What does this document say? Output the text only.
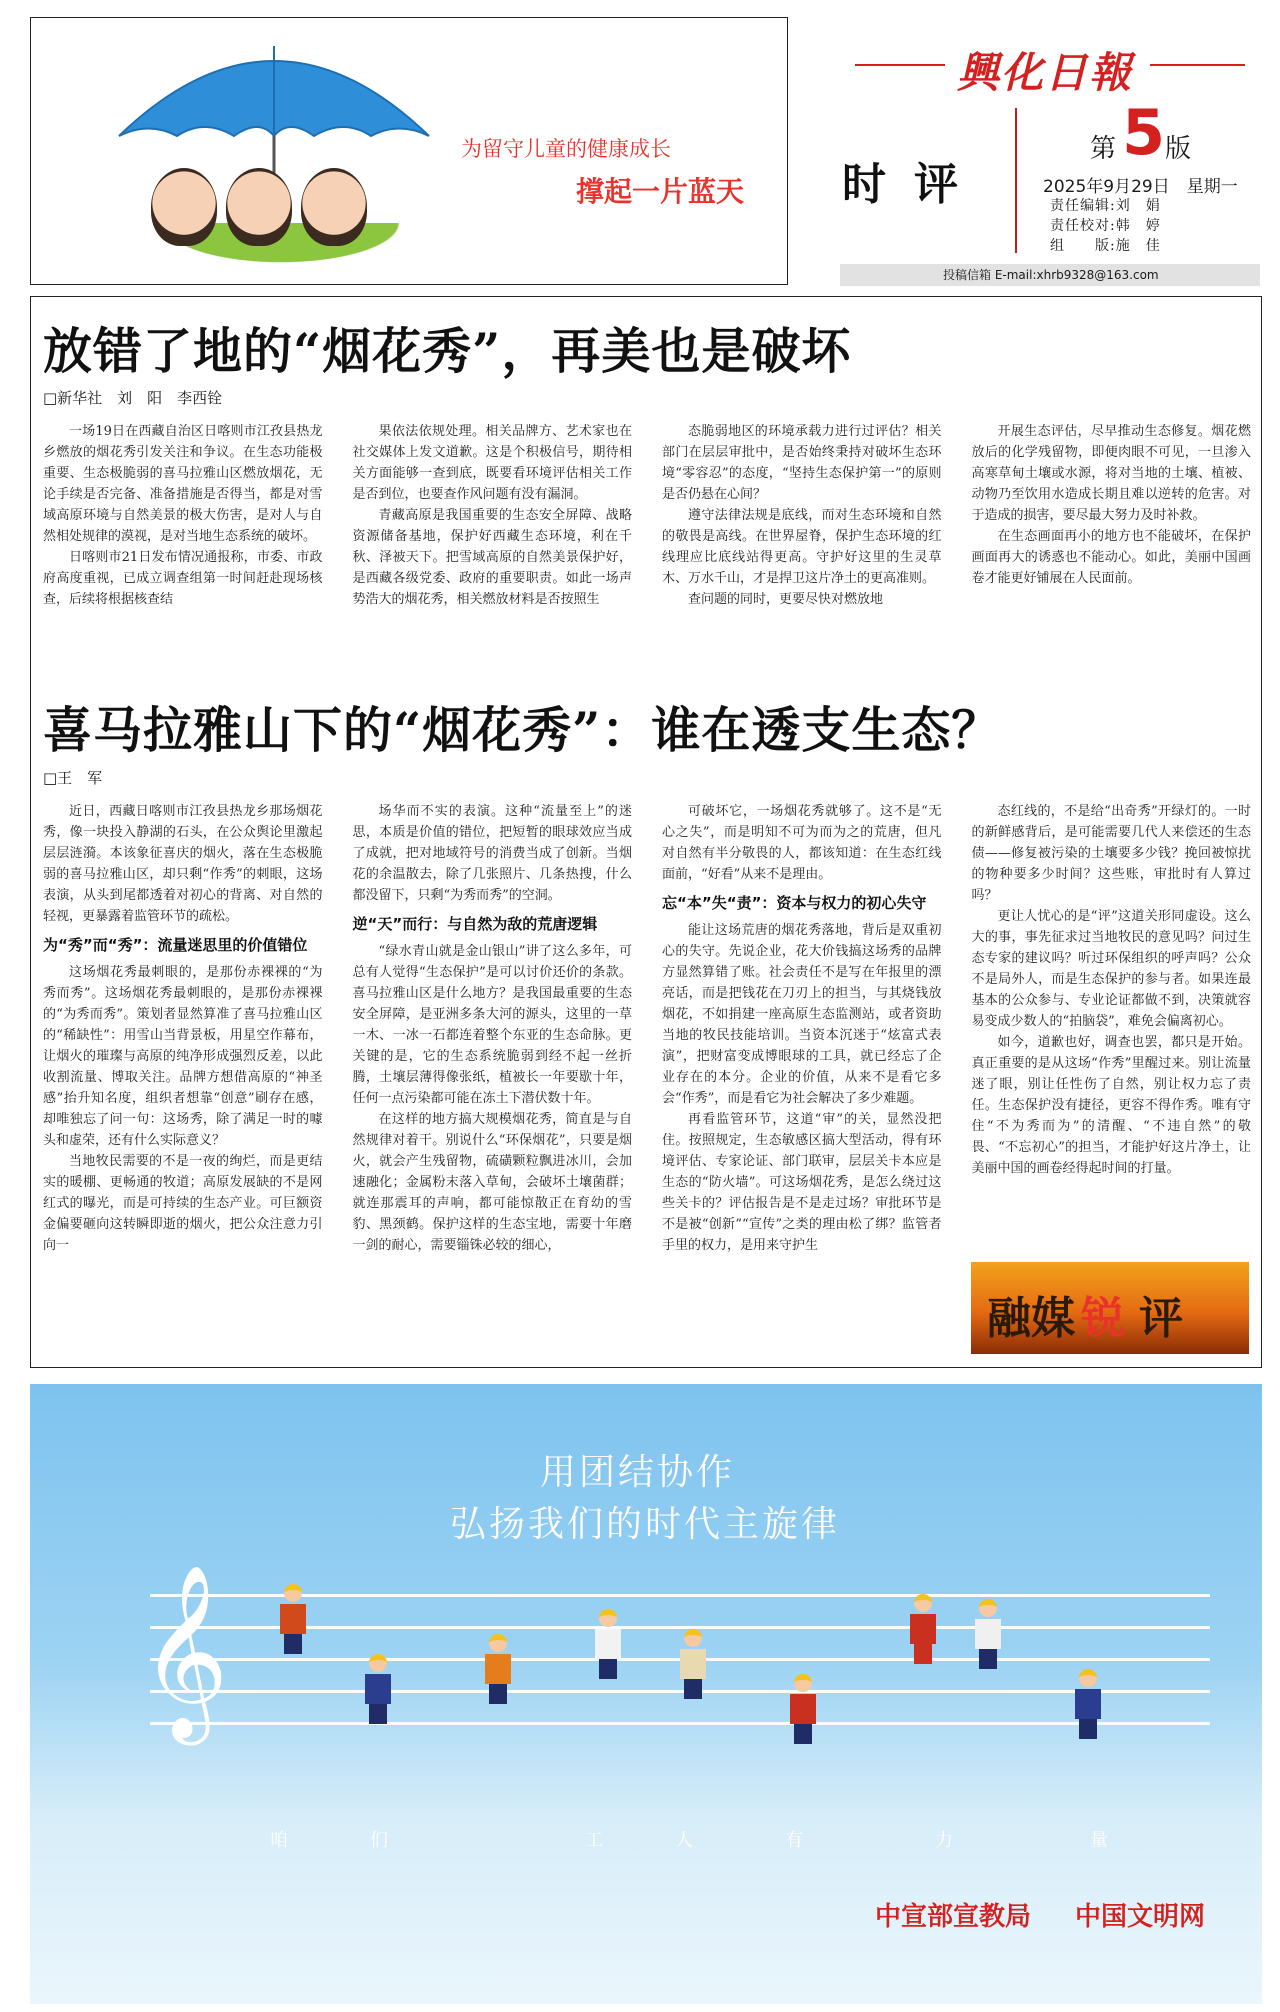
为留守儿童的健康成长
撑起一片蓝天
興化日報
时评
第 5 版
2025年9月29日　星期一
责任编辑:刘　娟
责任校对:韩　婷
组　　版:施　佳
投稿信箱 E-mail:xhrb9328@163.com
放错了地的“烟花秀”，再美也是破坏
□新华社　刘　阳　李西铨

一场19日在西藏自治区日喀则市江孜县热龙乡燃放的烟花秀引发关注和争议。在生态功能极重要、生态极脆弱的喜马拉雅山区燃放烟花，无论手续是否完备、准备措施是否得当，都是对雪域高原环境与自然美景的极大伤害，是对人与自然相处规律的漠视，是对当地生态系统的破坏。

日喀则市21日发布情况通报称，市委、市政府高度重视，已成立调查组第一时间赶赴现场核查，后续将根据核查结

果依法依规处理。相关品牌方、艺术家也在社交媒体上发文道歉。这是个积极信号，期待相关方面能够一查到底，既要看环境评估相关工作是否到位，也要查作风问题有没有漏洞。

青藏高原是我国重要的生态安全屏障、战略资源储备基地，保护好西藏生态环境，利在千秋、泽被天下。把雪域高原的自然美景保护好，是西藏各级党委、政府的重要职责。如此一场声势浩大的烟花秀，相关燃放材料是否按照生

态脆弱地区的环境承载力进行过评估？相关部门在层层审批中，是否始终秉持对破坏生态环境“零容忍”的态度，“坚持生态保护第一”的原则是否仍悬在心间？

遵守法律法规是底线，而对生态环境和自然的敬畏是高线。在世界屋脊，保护生态环境的红线理应比底线站得更高。守护好这里的生灵草木、万水千山，才是捍卫这片净土的更高准则。

查问题的同时，更要尽快对燃放地

开展生态评估，尽早推动生态修复。烟花燃放后的化学残留物，即便肉眼不可见，一旦渗入高寒草甸土壤或水源，将对当地的土壤、植被、动物乃至饮用水造成长期且难以逆转的危害。对于造成的损害，要尽最大努力及时补救。

在生态画面再小的地方也不能破坏，在保护画面再大的诱惑也不能动心。如此，美丽中国画卷才能更好铺展在人民面前。

喜马拉雅山下的“烟花秀”：谁在透支生态？
□王　军

近日，西藏日喀则市江孜县热龙乡那场烟花秀，像一块投入静湖的石头，在公众舆论里激起层层涟漪。本该象征喜庆的烟火，落在生态极脆弱的喜马拉雅山区，却只剩“作秀”的刺眼，这场表演，从头到尾都透着对初心的背离、对自然的轻视，更暴露着监管环节的疏松。

为“秀”而“秀”：流量迷思里的价值错位

这场烟花秀最刺眼的，是那份赤裸裸的“为秀而秀”。这场烟花秀最刺眼的，是那份赤裸裸的“为秀而秀”。策划者显然算准了喜马拉雅山区的“稀缺性”：用雪山当背景板，用星空作幕布，让烟火的璀璨与高原的纯净形成强烈反差，以此收割流量、博取关注。品牌方想借高原的“神圣感”抬升知名度，组织者想靠“创意”刷存在感，却唯独忘了问一句：这场秀，除了满足一时的噱头和虚荣，还有什么实际意义？

当地牧民需要的不是一夜的绚烂，而是更结实的暖棚、更畅通的牧道；高原发展缺的不是网红式的曝光，而是可持续的生态产业。可巨额资金偏要砸向这转瞬即逝的烟火，把公众注意力引向一

场华而不实的表演。这种“流量至上”的迷思，本质是价值的错位，把短暂的眼球效应当成了成就，把对地域符号的消费当成了创新。当烟花的余温散去，除了几张照片、几条热搜，什么都没留下，只剩“为秀而秀”的空洞。

逆“天”而行：与自然为敌的荒唐逻辑

“绿水青山就是金山银山”讲了这么多年，可总有人觉得“生态保护”是可以讨价还价的条款。喜马拉雅山区是什么地方？是我国最重要的生态安全屏障，是亚洲多条大河的源头，这里的一草一木、一冰一石都连着整个东亚的生态命脉。更关键的是，它的生态系统脆弱到经不起一丝折腾，土壤层薄得像张纸，植被长一年要歇十年，任何一点污染都可能在冻土下潜伏数十年。

在这样的地方搞大规模烟花秀，简直是与自然规律对着干。别说什么“环保烟花”，只要是烟火，就会产生残留物，硫磺颗粒飘进冰川，会加速融化；金属粉末落入草甸，会破坏土壤菌群；就连那震耳的声响，都可能惊散正在育幼的雪豹、黑颈鹤。保护这样的生态宝地，需要十年磨一剑的耐心，需要锱铢必较的细心，

可破坏它，一场烟花秀就够了。这不是“无心之失”，而是明知不可为而为之的荒唐，但凡对自然有半分敬畏的人，都该知道：在生态红线面前，“好看”从来不是理由。

忘“本”失“责”：资本与权力的初心失守

能让这场荒唐的烟花秀落地，背后是双重初心的失守。先说企业，花大价钱搞这场秀的品牌方显然算错了账。社会责任不是写在年报里的漂亮话，而是把钱花在刀刃上的担当，与其烧钱放烟花，不如捐建一座高原生态监测站，或者资助当地的牧民技能培训。当资本沉迷于“炫富式表演”，把财富变成博眼球的工具，就已经忘了企业存在的本分。企业的价值，从来不是看它多会“作秀”，而是看它为社会解决了多少难题。

再看监管环节，这道“审”的关，显然没把住。按照规定，生态敏感区搞大型活动，得有环境评估、专家论证、部门联审，层层关卡本应是生态的“防火墙”。可这场烟花秀，是怎么绕过这些关卡的？评估报告是不是走过场？审批环节是不是被“创新”“宣传”之类的理由松了绑？监管者手里的权力，是用来守护生

态红线的，不是给“出奇秀”开绿灯的。一时的新鲜感背后，是可能需要几代人来偿还的生态债——修复被污染的土壤要多少钱？挽回被惊扰的物种要多少时间？这些账，审批时有人算过吗？

更让人忧心的是“评”这道关形同虚设。这么大的事，事先征求过当地牧民的意见吗？问过生态专家的建议吗？听过环保组织的呼声吗？公众不是局外人，而是生态保护的参与者。如果连最基本的公众参与、专业论证都做不到，决策就容易变成少数人的“拍脑袋”，难免会偏离初心。

如今，道歉也好，调查也罢，都只是开始。真正重要的是从这场“作秀”里醒过来。别让流量迷了眼，别让任性伤了自然，别让权力忘了责任。生态保护没有捷径，更容不得作秀。唯有守住“不为秀而为”的清醒、“不违自然”的敬畏、“不忘初心”的担当，才能护好这片净土，让美丽中国的画卷经得起时间的打量。

融媒 锐 评
用团结协作
弘扬我们的时代主旋律
𝄞
咱	们	工	人	有	力	量
中宣部宣教局 中国文明网
